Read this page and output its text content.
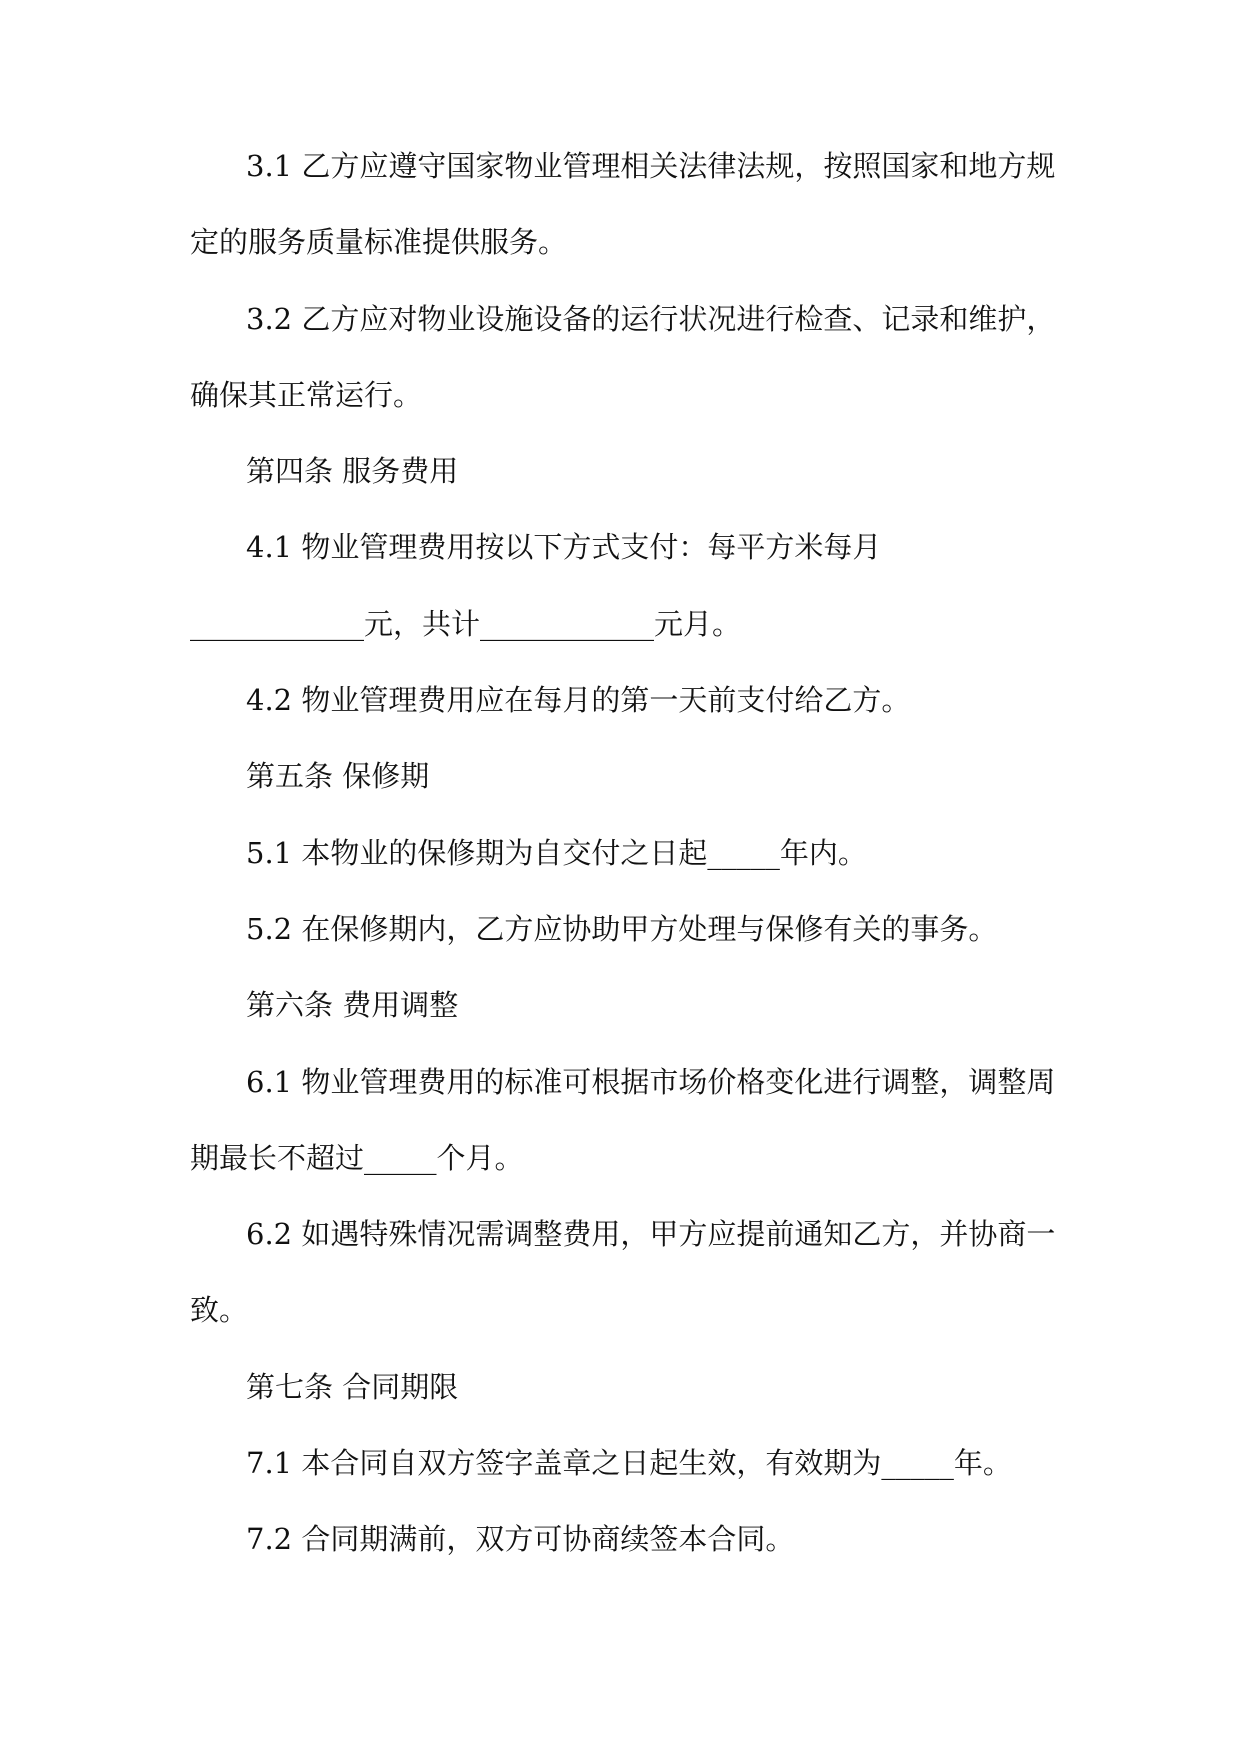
3.1 乙方应遵守国家物业管理相关法律法规，按照国家和地方规
定的服务质量标准提供服务。
3.2 乙方应对物业设施设备的运行状况进行检查、记录和维护，
确保其正常运行。
第四条 服务费用
4.1 物业管理费用按以下方式支付：每平方米每月
____________元，共计____________元月。
4.2 物业管理费用应在每月的第一天前支付给乙方。
第五条 保修期
5.1 本物业的保修期为自交付之日起_____年内。
5.2 在保修期内，乙方应协助甲方处理与保修有关的事务。
第六条 费用调整
6.1 物业管理费用的标准可根据市场价格变化进行调整，调整周
期最长不超过_____个月。
6.2 如遇特殊情况需调整费用，甲方应提前通知乙方，并协商一
致。
第七条 合同期限
7.1 本合同自双方签字盖章之日起生效，有效期为_____年。
7.2 合同期满前，双方可协商续签本合同。
